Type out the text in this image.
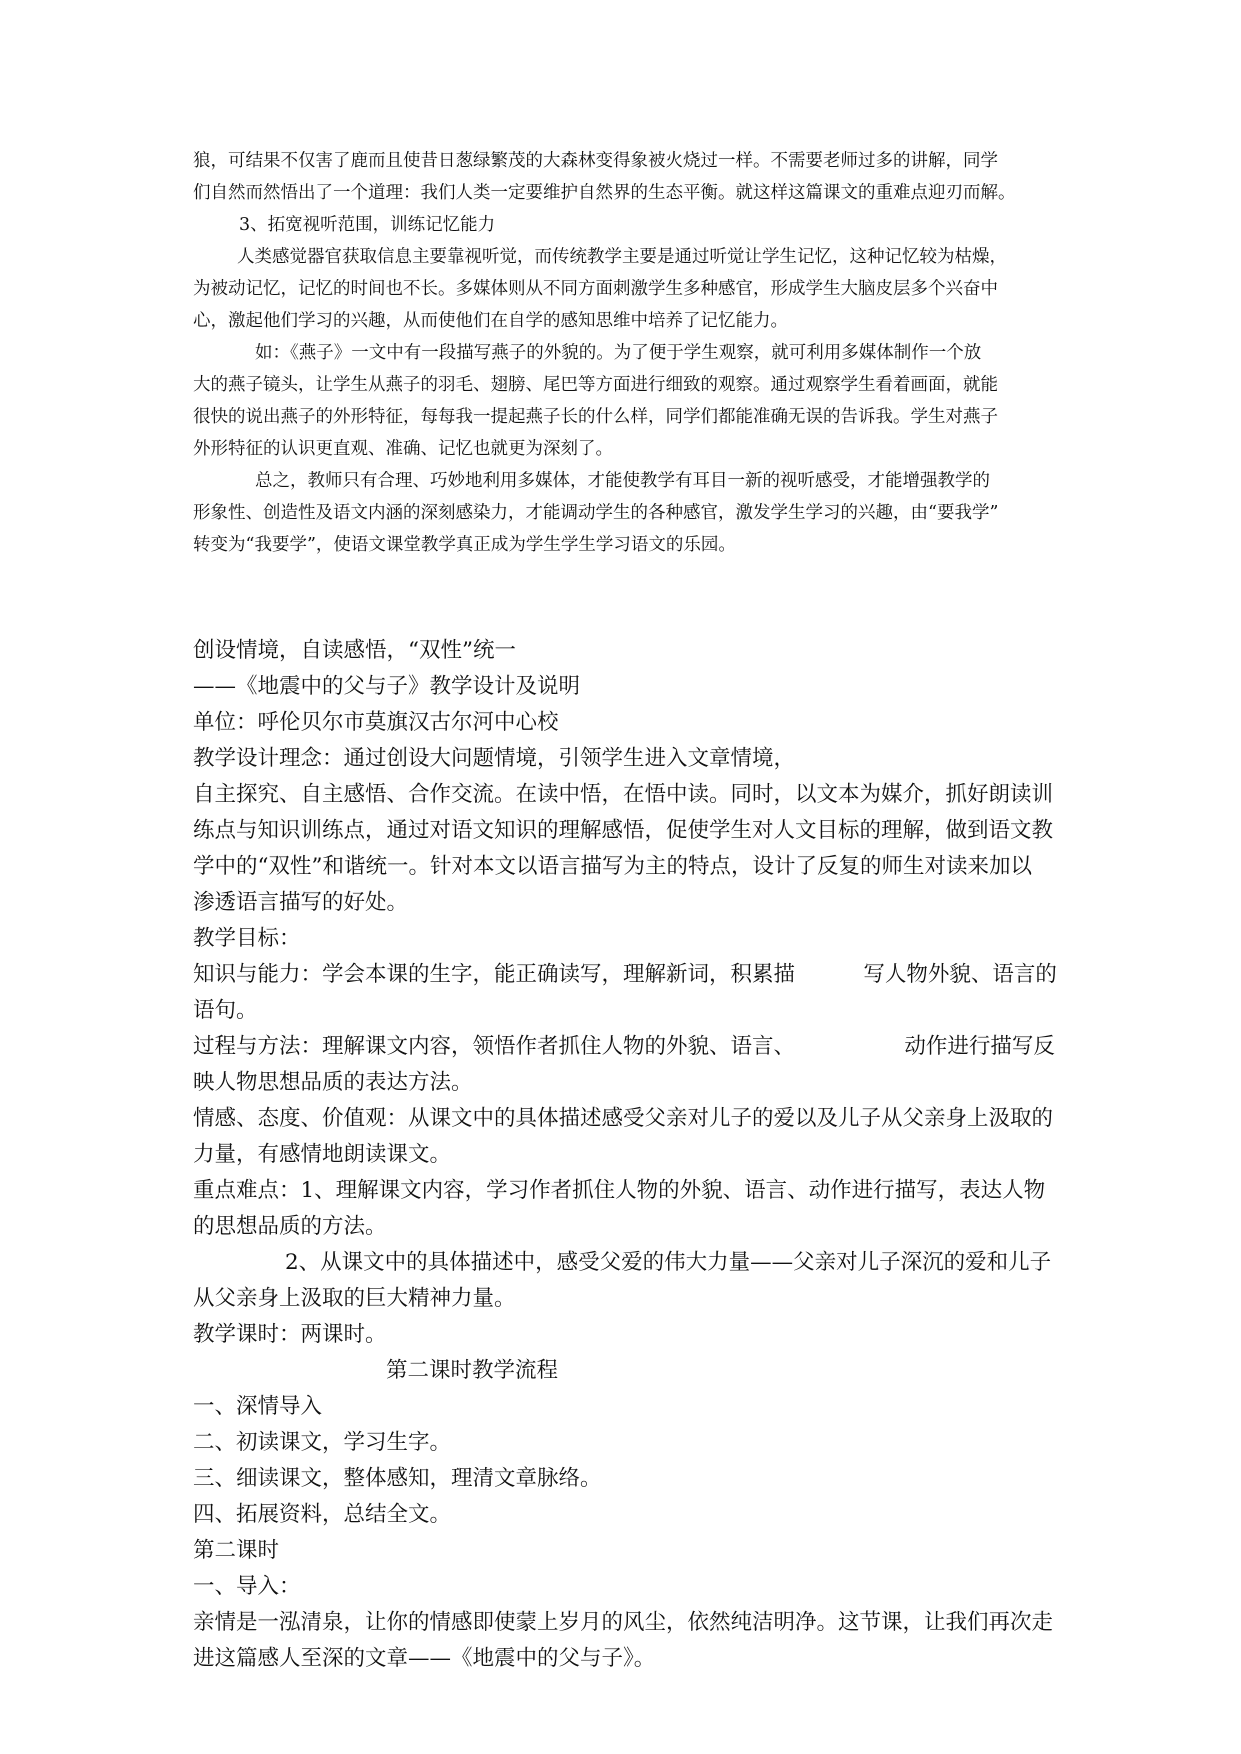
狼，可结果不仅害了鹿而且使昔日葱绿繁茂的大森林变得象被火烧过一样。不需要老师过多的讲解，同学
们自然而然悟出了一个道理：我们人类一定要维护自然界的生态平衡。就这样这篇课文的重难点迎刃而解。
3、拓宽视听范围，训练记忆能力
人类感觉器官获取信息主要靠视听觉，而传统教学主要是通过听觉让学生记忆，这种记忆较为枯燥，
为被动记忆，记忆的时间也不长。多媒体则从不同方面刺激学生多种感官，形成学生大脑皮层多个兴奋中
心，激起他们学习的兴趣，从而使他们在自学的感知思维中培养了记忆能力。
如：《燕子》一文中有一段描写燕子的外貌的。为了便于学生观察，就可利用多媒体制作一个放
大的燕子镜头，让学生从燕子的羽毛、翅膀、尾巴等方面进行细致的观察。通过观察学生看着画面，就能
很快的说出燕子的外形特征，每每我一提起燕子长的什么样，同学们都能准确无误的告诉我。学生对燕子
外形特征的认识更直观、准确、记忆也就更为深刻了。
总之，教师只有合理、巧妙地利用多媒体，才能使教学有耳目一新的视听感受，才能增强教学的
形象性、创造性及语文内涵的深刻感染力，才能调动学生的各种感官，激发学生学习的兴趣，由“要我学”
转变为“我要学”，使语文课堂教学真正成为学生学生学习语文的乐园。
创设情境，自读感悟，“双性”统一
——《地震中的父与子》教学设计及说明
单位：呼伦贝尔市莫旗汉古尔河中心校
教学设计理念：通过创设大问题情境，引领学生进入文章情境，
自主探究、自主感悟、合作交流。在读中悟，在悟中读。同时，以文本为媒介，抓好朗读训
练点与知识训练点，通过对语文知识的理解感悟，促使学生对人文目标的理解，做到语文教
学中的“双性”和谐统一。针对本文以语言描写为主的特点，设计了反复的师生对读来加以
渗透语言描写的好处。
教学目标：
知识与能力：学会本课的生字，能正确读写，理解新词，积累描          写人物外貌、语言的
语句。
过程与方法：理解课文内容，领悟作者抓住人物的外貌、语言、                动作进行描写反
映人物思想品质的表达方法。
情感、态度、价值观：从课文中的具体描述感受父亲对儿子的爱以及儿子从父亲身上汲取的
力量，有感情地朗读课文。
重点难点：1、理解课文内容，学习作者抓住人物的外貌、语言、动作进行描写，表达人物
的思想品质的方法。
2、从课文中的具体描述中，感受父爱的伟大力量——父亲对儿子深沉的爱和儿子
从父亲身上汲取的巨大精神力量。
教学课时：两课时。
第二课时教学流程
一、深情导入
二、初读课文，学习生字。
三、细读课文，整体感知，理清文章脉络。
四、拓展资料，总结全文。
第二课时
一、导入：
亲情是一泓清泉，让你的情感即使蒙上岁月的风尘，依然纯洁明净。这节课，让我们再次走
进这篇感人至深的文章——《地震中的父与子》。
